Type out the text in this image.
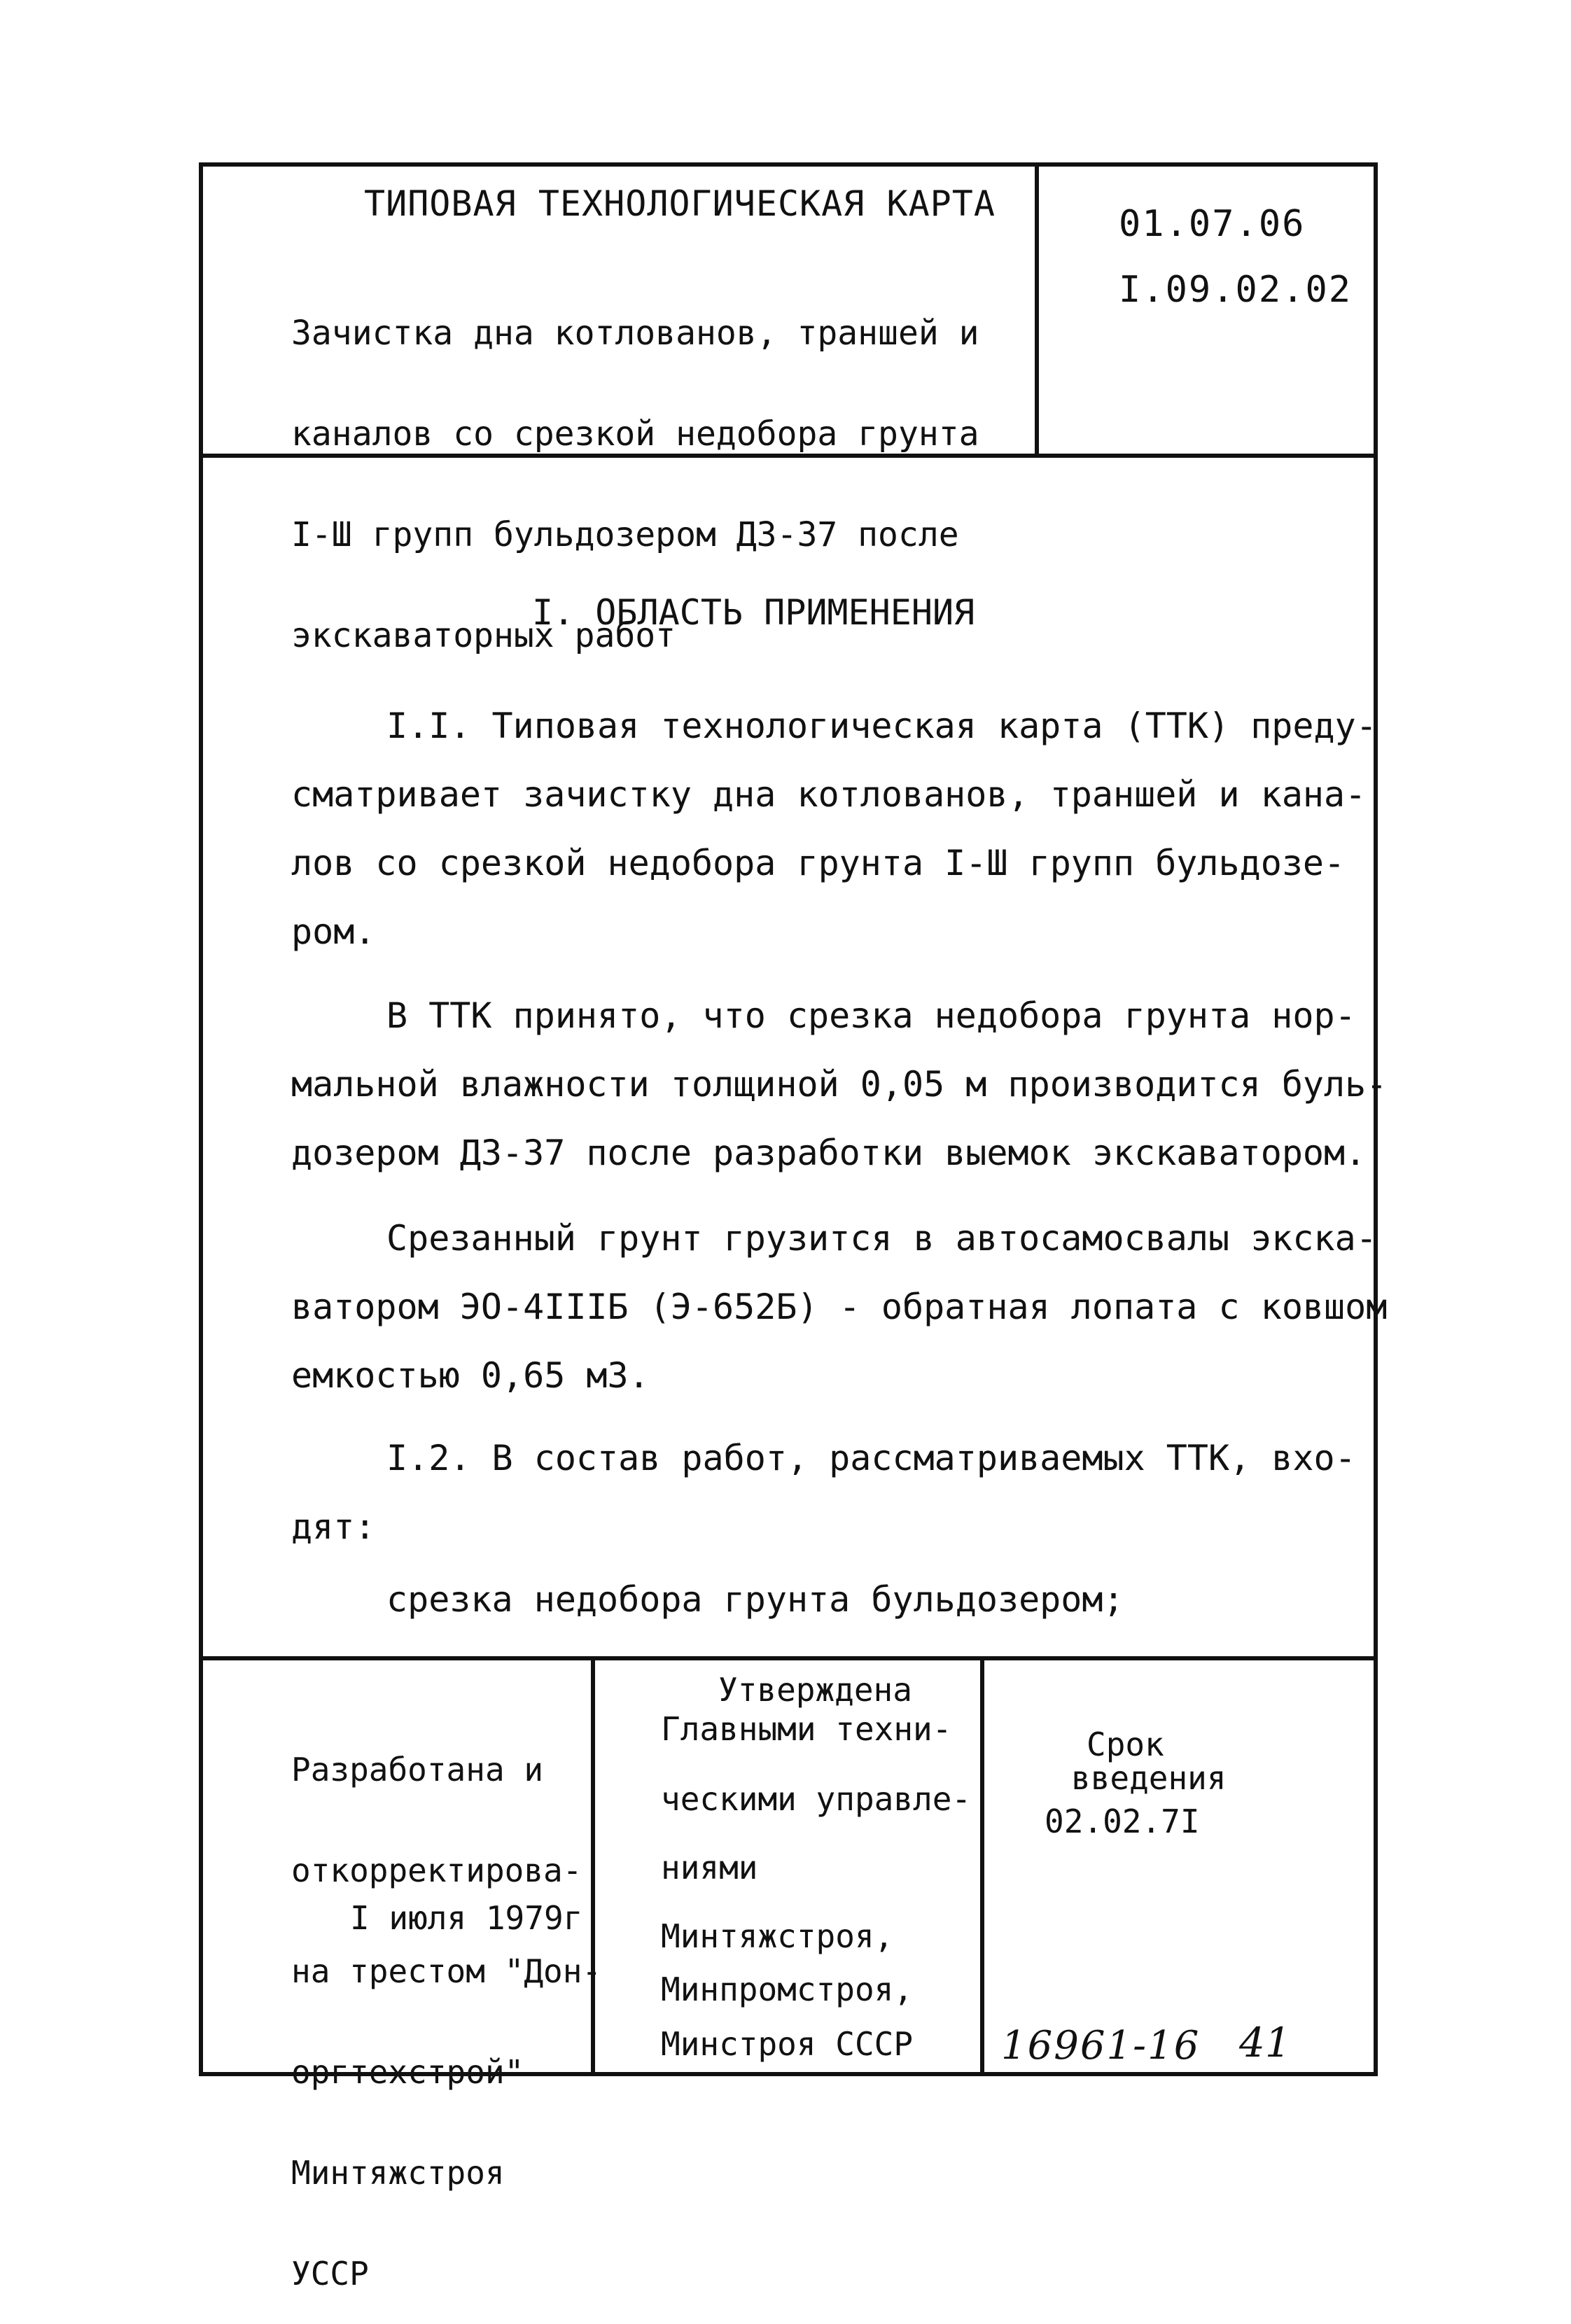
ТИПОВАЯ ТЕХНОЛОГИЧЕСКАЯ КАРТА

Зачистка дна котлованов, траншей и

каналов со срезкой недобора грунта

I-Ш групп бульдозером ДЗ-37 после

экскаваторных работ

01.07.06
I.09.02.02
I. ОБЛАСТЬ ПРИМЕНЕНИЯ
I.I. Типовая технологическая карта (ТТК) преду-
сматривает зачистку дна котлованов, траншей и кана-
лов со срезкой недобора грунта I-Ш групп бульдозе-
ром.
В ТТК принято, что срезка недобора грунта нор-
мальной влажности толщиной 0,05 м производится буль-
дозером ДЗ-37 после разработки выемок экскаватором.
Срезанный грунт грузится в автосамосвалы экска-
ватором ЭО-4IIIБ (Э-652Б) - обратная лопата с ковшом
емкостью 0,65 м3.
I.2. В состав работ, рассматриваемых ТТК, вхо-
дят:
срезка недобора грунта бульдозером;

Разработана и

откорректирова-

на трестом "Дон-

оргтехстрой"

Минтяжстроя

УССР

I июля 1979г
Утверждена
Главными техни-
ческими управле-
ниями
Минтяжстроя,
Минпромстроя,
Минстроя СССР
Срок
введения
02.02.7I
16961-16 41
